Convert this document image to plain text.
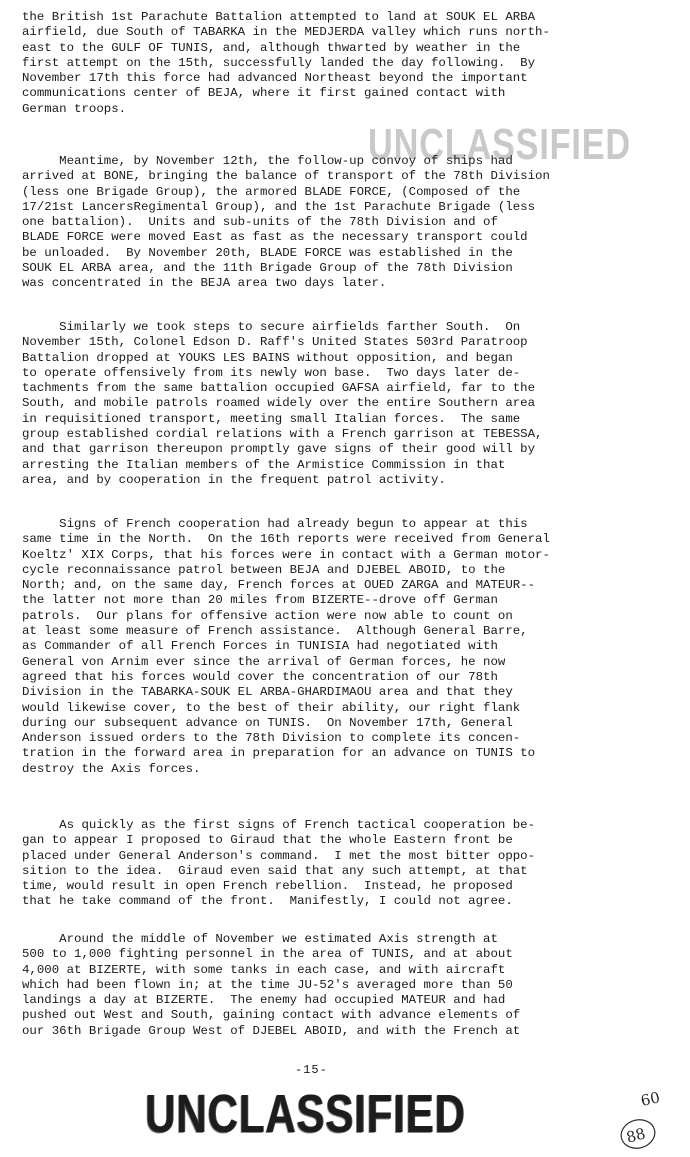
UNCLASSIFIED
the British 1st Parachute Battalion attempted to land at SOUK EL ARBA
airfield, due South of TABARKA in the MEDJERDA valley which runs north-
east to the GULF OF TUNIS, and, although thwarted by weather in the
first attempt on the 15th, successfully landed the day following.  By
November 17th this force had advanced Northeast beyond the important
communications center of BEJA, where it first gained contact with
German troops.
Meantime, by November 12th, the follow-up convoy of ships had
arrived at BONE, bringing the balance of transport of the 78th Division
(less one Brigade Group), the armored BLADE FORCE, (Composed of the
17/21st LancersRegimental Group), and the 1st Parachute Brigade (less
one battalion).  Units and sub-units of the 78th Division and of
BLADE FORCE were moved East as fast as the necessary transport could
be unloaded.  By November 20th, BLADE FORCE was established in the
SOUK EL ARBA area, and the 11th Brigade Group of the 78th Division
was concentrated in the BEJA area two days later.
Similarly we took steps to secure airfields farther South.  On
November 15th, Colonel Edson D. Raff's United States 503rd Paratroop
Battalion dropped at YOUKS LES BAINS without opposition, and began
to operate offensively from its newly won base.  Two days later de-
tachments from the same battalion occupied GAFSA airfield, far to the
South, and mobile patrols roamed widely over the entire Southern area
in requisitioned transport, meeting small Italian forces.  The same
group established cordial relations with a French garrison at TEBESSA,
and that garrison thereupon promptly gave signs of their good will by
arresting the Italian members of the Armistice Commission in that
area, and by cooperation in the frequent patrol activity.
Signs of French cooperation had already begun to appear at this
same time in the North.  On the 16th reports were received from General
Koeltz' XIX Corps, that his forces were in contact with a German motor-
cycle reconnaissance patrol between BEJA and DJEBEL ABOID, to the
North; and, on the same day, French forces at OUED ZARGA and MATEUR--
the latter not more than 20 miles from BIZERTE--drove off German
patrols.  Our plans for offensive action were now able to count on
at least some measure of French assistance.  Although General Barre,
as Commander of all French Forces in TUNISIA had negotiated with
General von Arnim ever since the arrival of German forces, he now
agreed that his forces would cover the concentration of our 78th
Division in the TABARKA-SOUK EL ARBA-GHARDIMAOU area and that they
would likewise cover, to the best of their ability, our right flank
during our subsequent advance on TUNIS.  On November 17th, General
Anderson issued orders to the 78th Division to complete its concen-
tration in the forward area in preparation for an advance on TUNIS to
destroy the Axis forces.
As quickly as the first signs of French tactical cooperation be-
gan to appear I proposed to Giraud that the whole Eastern front be
placed under General Anderson's command.  I met the most bitter oppo-
sition to the idea.  Giraud even said that any such attempt, at that
time, would result in open French rebellion.  Instead, he proposed
that he take command of the front.  Manifestly, I could not agree.
Around the middle of November we estimated Axis strength at
500 to 1,000 fighting personnel in the area of TUNIS, and at about
4,000 at BIZERTE, with some tanks in each case, and with aircraft
which had been flown in; at the time JU-52's averaged more than 50
landings a day at BIZERTE.  The enemy had occupied MATEUR and had
pushed out West and South, gaining contact with advance elements of
our 36th Brigade Group West of DJEBEL ABOID, and with the French at
-15-
UNCLASSIFIED	60
88
